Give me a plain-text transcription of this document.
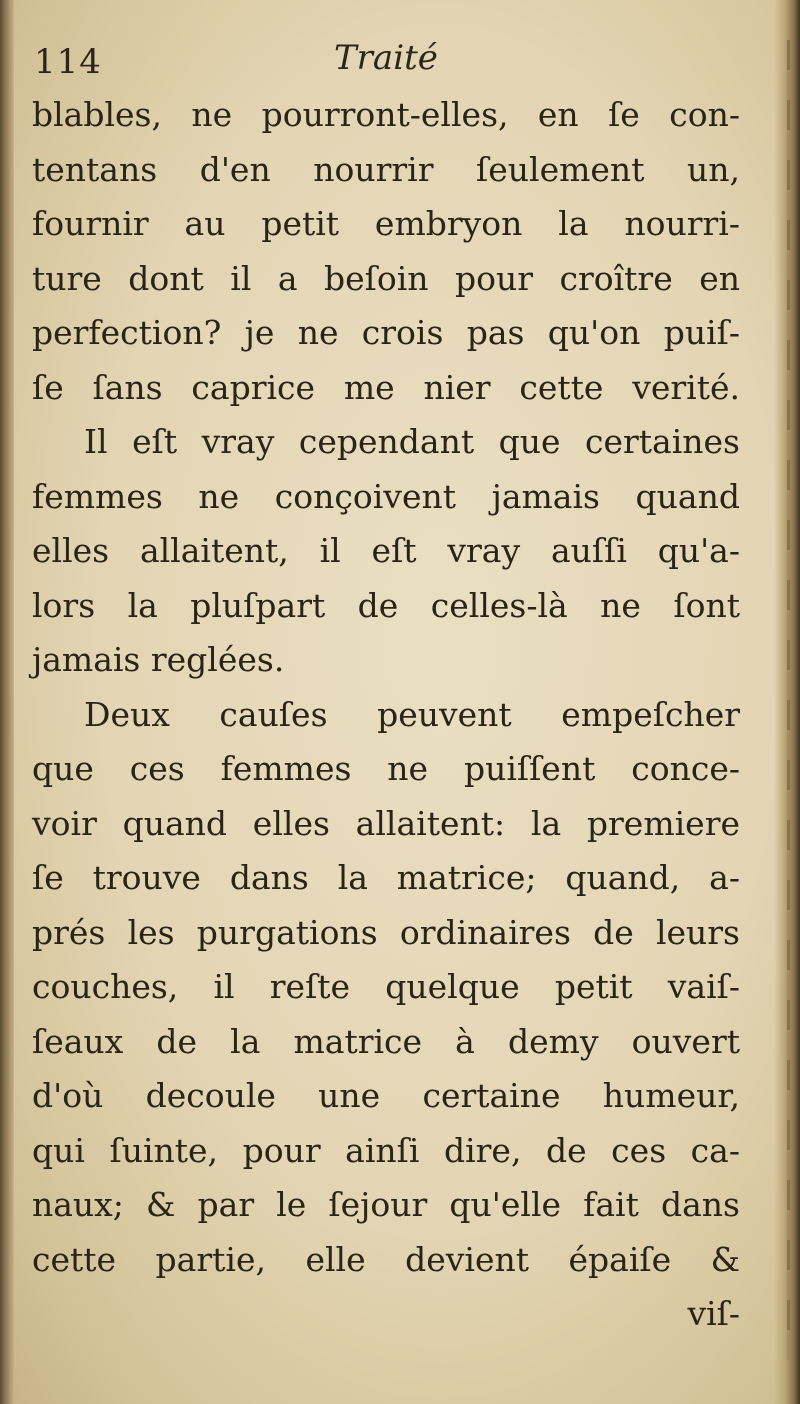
114	Traité
blables, ne pourront-elles, en ſe con-
tentans d'en nourrir ſeulement un,
fournir au petit embryon la nourri-
ture dont il a beſoin pour croître en
perfection? je ne crois pas qu'on puiſ-
ſe ſans caprice me nier cette verité.
Il eſt vray cependant que certaines
femmes ne conçoivent jamais quand
elles allaitent, il eſt vray auſſi qu'a-
lors la pluſpart de celles-là ne ſont
jamais reglées.
Deux cauſes peuvent empeſcher
que ces femmes ne puiſſent conce-
voir quand elles allaitent: la premiere
ſe trouve dans la matrice; quand, a-
prés les purgations ordinaires de leurs
couches, il reſte quelque petit vaiſ-
ſeaux de la matrice à demy ouvert
d'où decoule une certaine humeur,
qui ſuinte, pour ainſi dire, de ces ca-
naux; & par le ſejour qu'elle fait dans
cette partie, elle devient épaiſe &
viſ-
